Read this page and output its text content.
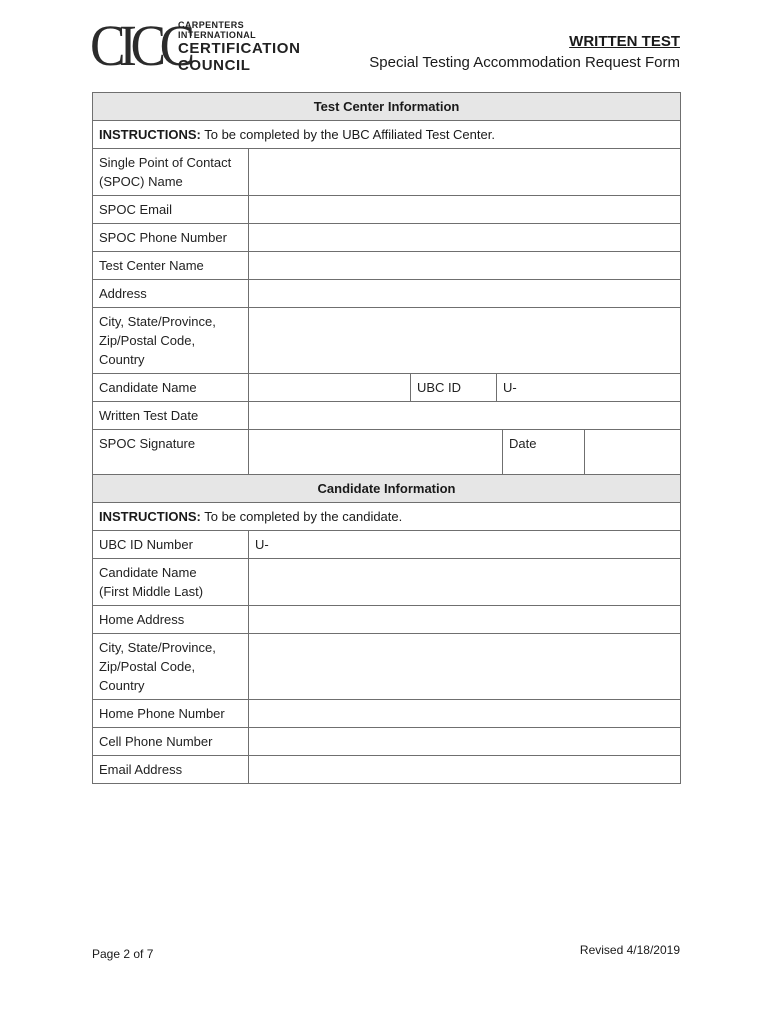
CICC
CARPENTERS
INTERNATIONAL
CERTIFICATION
COUNCIL
WRITTEN TEST
Special Testing Accommodation Request Form
Test Center Information					
INSTRUCTIONS: To be completed by the UBC Affiliated Test Center.					
Single Point of Contact
(SPOC) Name					
SPOC Email					
SPOC Phone Number					
Test Center Name					
Address					
City, State/Province,
Zip/Postal Code,
Country					
Candidate Name		UBC ID	U-		
Written Test Date					
SPOC Signature				Date	
Candidate Information					
INSTRUCTIONS: To be completed by the candidate.					
UBC ID Number	U-				
Candidate Name
(First Middle Last)					
Home Address					
City, State/Province,
Zip/Postal Code,
Country					
Home Phone Number					
Cell Phone Number					
Email Address					
Page 2 of 7	Revised 4/18/2019
